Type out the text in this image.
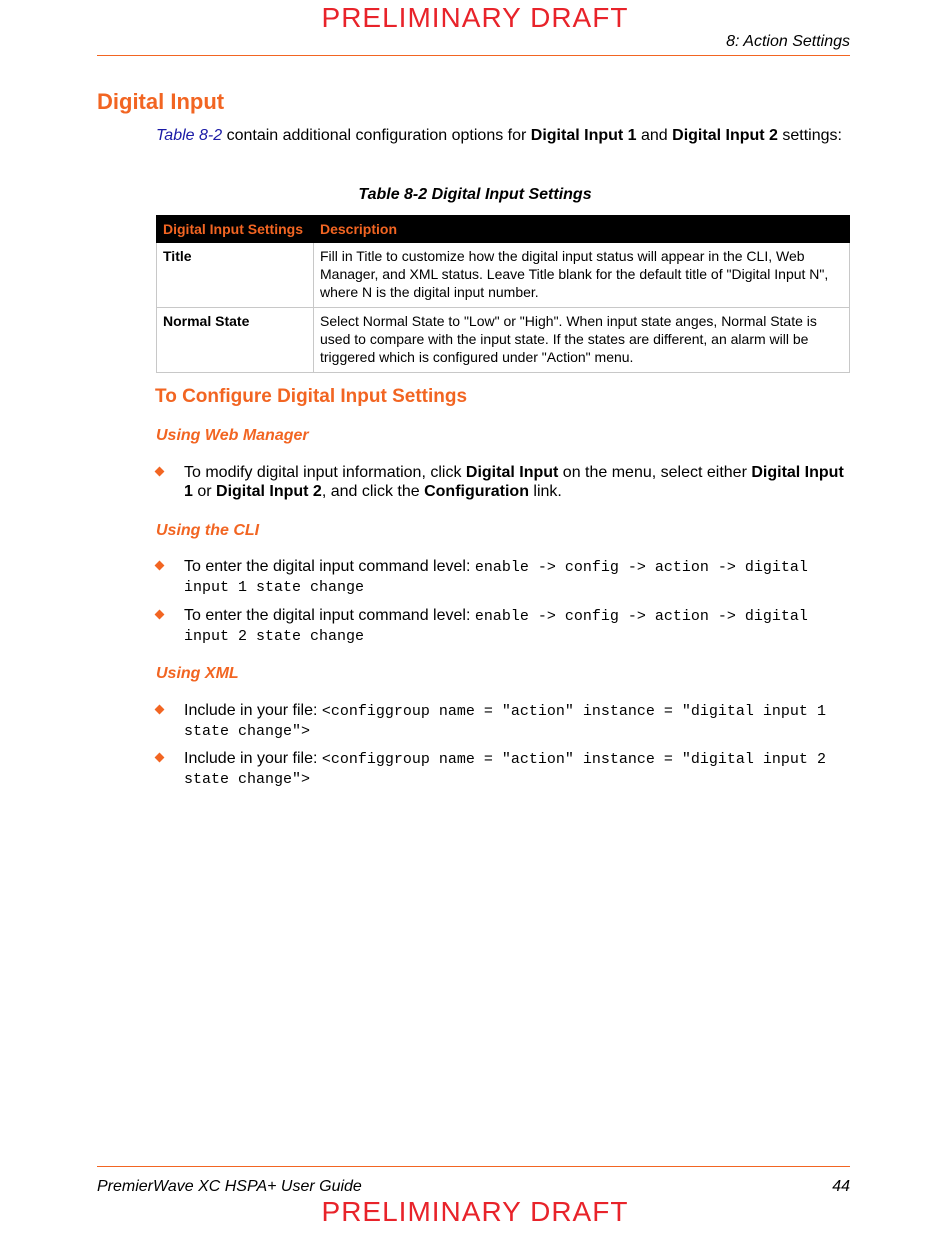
PRELIMINARY DRAFT
8: Action Settings
Digital Input
Table 8-2 contain additional configuration options for Digital Input 1 and Digital Input 2 settings:
Table 8-2 Digital Input Settings
Digital Input Settings	Description
Title	Fill in Title to customize how the digital input status will appear in the CLI, Web Manager, and XML status. Leave Title blank for the default title of "Digital Input N", where N is the digital input number.
Normal State	Select Normal State to "Low" or "High". When input state anges, Normal State is used to compare with the input state. If the states are different, an alarm will be triggered which is configured under "Action" menu.
To Configure Digital Input Settings
Using Web Manager
To modify digital input information, click Digital Input on the menu, select either Digital Input 1 or Digital Input 2, and click the Configuration link.
Using the CLI
To enter the digital input command level: enable -> config -> action -> digital input 1 state change
To enter the digital input command level: enable -> config -> action -> digital input 2 state change
Using XML
Include in your file: <configgroup name = "action" instance = "digital input 1 state change">
Include in your file: <configgroup name = "action" instance = "digital input 2 state change">
PremierWave XC HSPA+ User Guide	44
PRELIMINARY DRAFT
